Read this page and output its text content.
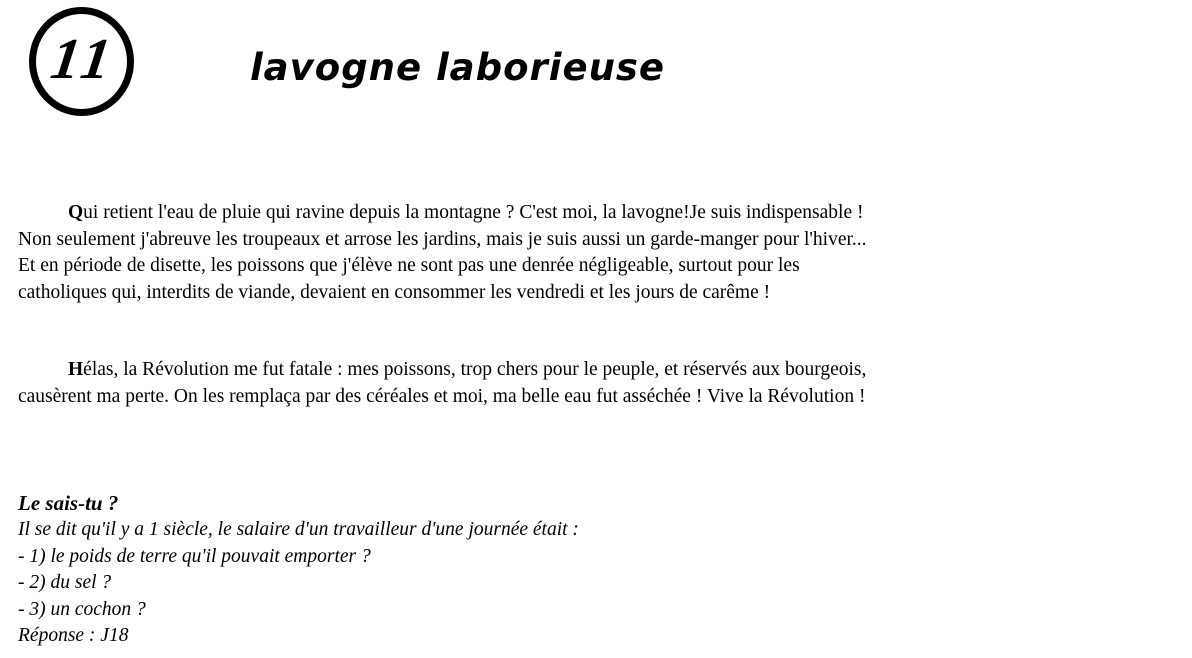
11	lavogne laborieuse

Qui retient l'eau de pluie qui ravine depuis la montagne ? C'est moi, la lavogne!Je suis indispensable !
Non seulement j'abreuve les troupeaux et arrose les jardins, mais je suis aussi un garde-manger pour l'hiver...
Et en période de disette, les poissons que j'élève ne sont pas une denrée négligeable, surtout pour les
catholiques qui, interdits de viande, devaient en consommer les vendredi et les jours de carême !

Hélas, la Révolution me fut fatale : mes poissons, trop chers pour le peuple, et réservés aux bourgeois,
causèrent ma perte. On les remplaça par des céréales et moi, ma belle eau fut asséchée ! Vive la Révolution !

Le sais-tu ?

Il se dit qu'il y a 1 siècle, le salaire d'un travailleur d'une journée était :
- 1) le poids de terre qu'il pouvait emporter ?
- 2) du sel ?
- 3) un cochon ?
Réponse : J18
